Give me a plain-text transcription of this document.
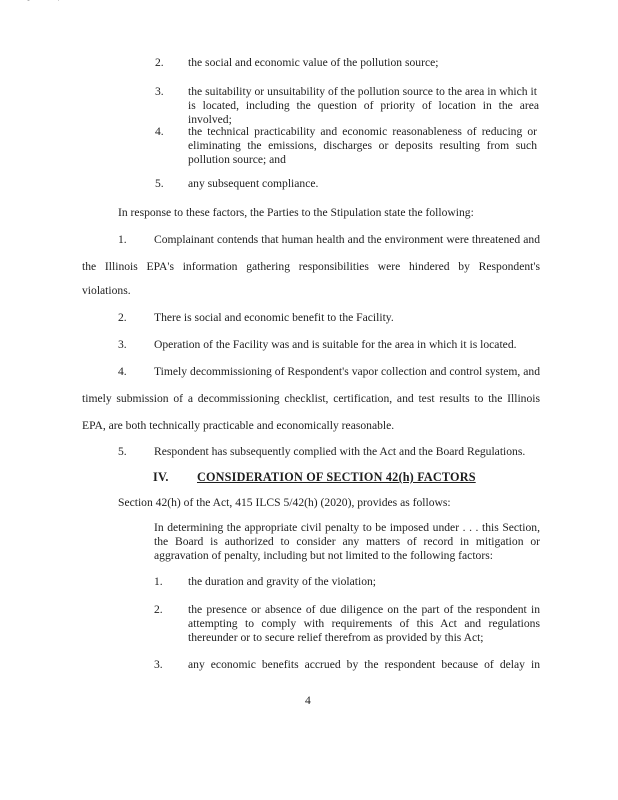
2. the social and economic value of the pollution source;
3. the suitability or unsuitability of the pollution source to the area in which it
is located, including the question of priority of location in the area involved;
4. the technical practicability and economic reasonableness of reducing or
eliminating the emissions, discharges or deposits resulting from such
pollution source; and
5. any subsequent compliance.
In response to these factors, the Parties to the Stipulation state the following:
1. Complainant contends that human health and the environment were threatened and
the Illinois EPA's information gathering responsibilities were hindered by Respondent's
violations.
2. There is social and economic benefit to the Facility.
3. Operation of the Facility was and is suitable for the area in which it is located.
4. Timely decommissioning of Respondent's vapor collection and control system, and
timely submission of a decommissioning checklist, certification, and test results to the Illinois
EPA, are both technically practicable and economically reasonable.
5. Respondent has subsequently complied with the Act and the Board Regulations.
IV. CONSIDERATION OF SECTION 42(h) FACTORS
Section 42(h) of the Act, 415 ILCS 5/42(h) (2020), provides as follows:
In determining the appropriate civil penalty to be imposed under . . . this Section,
the Board is authorized to consider any matters of record in mitigation or
aggravation of penalty, including but not limited to the following factors:
1. the duration and gravity of the violation;
2. the presence or absence of due diligence on the part of the respondent in
attempting to comply with requirements of this Act and regulations
thereunder or to secure relief therefrom as provided by this Act;
3. any economic benefits accrued by the respondent because of delay in
4
